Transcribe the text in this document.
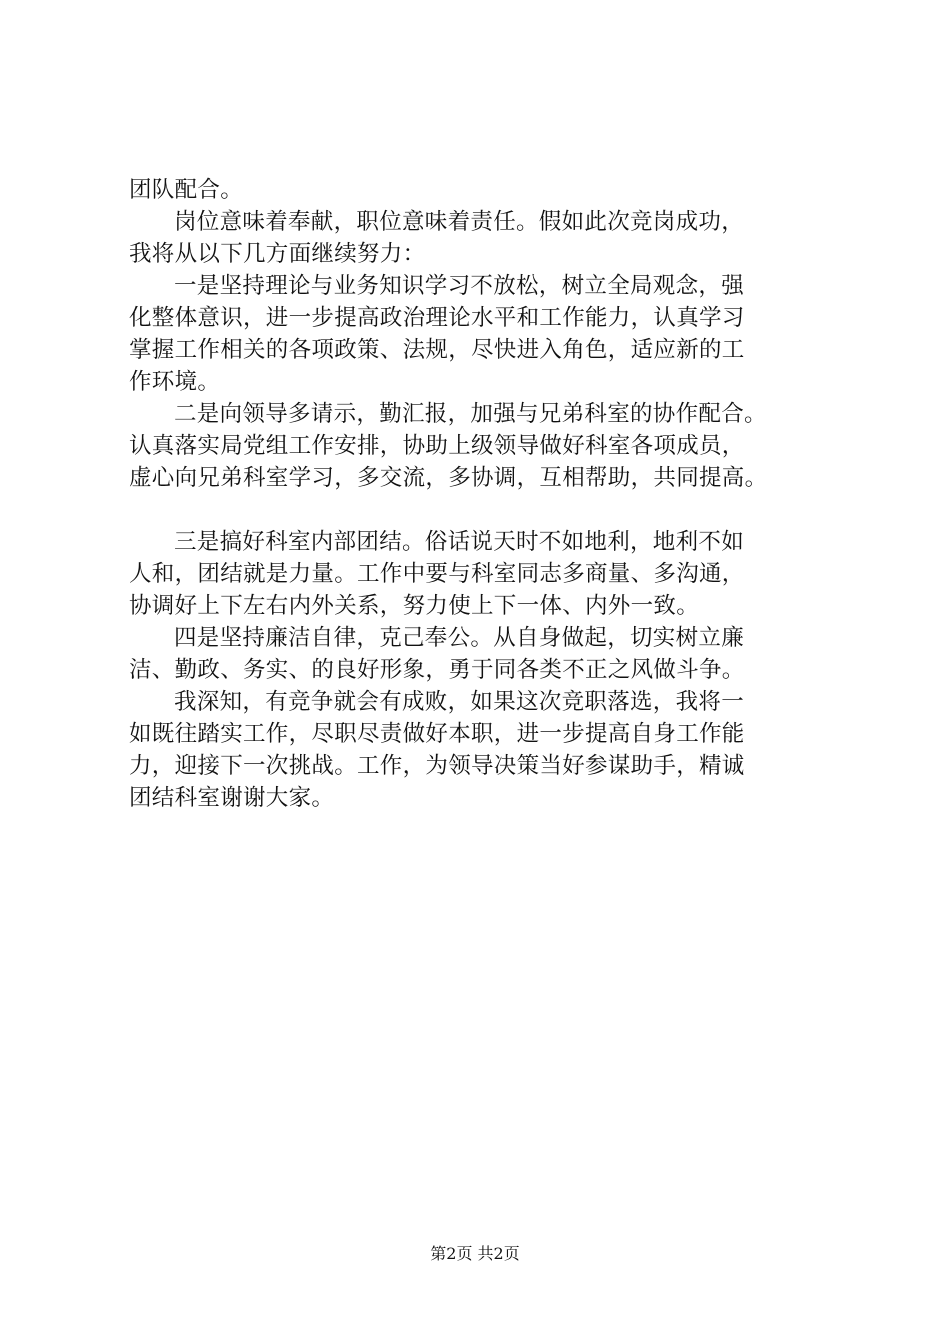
团队配合。
岗位意味着奉献，职位意味着责任。假如此次竞岗成功，
我将从以下几方面继续努力：
一是坚持理论与业务知识学习不放松，树立全局观念，强
化整体意识，进一步提高政治理论水平和工作能力，认真学习
掌握工作相关的各项政策、法规，尽快进入角色，适应新的工
作环境。
二是向领导多请示，勤汇报，加强与兄弟科室的协作配合。
认真落实局党组工作安排，协助上级领导做好科室各项成员，
虚心向兄弟科室学习，多交流，多协调，互相帮助，共同提高。
三是搞好科室内部团结。俗话说天时不如地利，地利不如
人和，团结就是力量。工作中要与科室同志多商量、多沟通，
协调好上下左右内外关系，努力使上下一体、内外一致。
四是坚持廉洁自律，克己奉公。从自身做起，切实树立廉
洁、勤政、务实、的良好形象，勇于同各类不正之风做斗争。
我深知，有竞争就会有成败，如果这次竞职落选，我将一
如既往踏实工作，尽职尽责做好本职，进一步提高自身工作能
力，迎接下一次挑战。工作，为领导决策当好参谋助手，精诚
团结科室谢谢大家。
第2页 共2页
